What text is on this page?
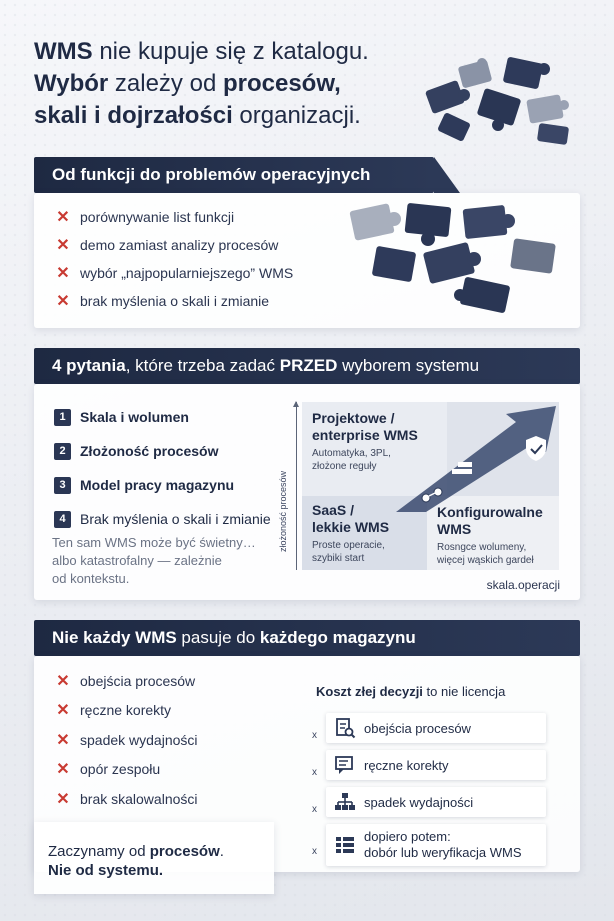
WMS nie kupuje się z katalogu.
Wybór zależy od procesów,
skali i dojrzałości organizacji.
Od funkcji do problemów operacyjnych
✕ porównywanie list funkcji
✕ demo zamiast analizy procesów
✕ wybór „najpopularniejszego” WMS
✕ brak myślenia o skali i zmianie
4 pytania, które trzeba zadać PRZED wyborem systemu
1	Skala i wolumen
2	Złożoność procesów
3	Model pracy magazynu
4	Brak myślenia o skali i zmianie
Ten sam WMS może być świetny…
albo katastrofalny — zależnie
od kontekstu.
złożoność procesów
Projektowe /
enterprise WMS
Automatyka, 3PL,
złożone reguły
SaaS /
lekkie WMS
Proste operacie,
szybiki start
Konfigurowalne
WMS
Rosngce wolumeny,
więcej wąskich gardeł
skala.operacji
Nie każdy WMS pasuje do każdego magazynu
✕ obejścia procesów
✕ ręczne korekty
✕ spadek wydajności
✕ opór zespołu
✕ brak skalowalności
Koszt złej decyzji to nie licencja
x	obejścia procesów
x	ręczne korekty
x	spadek wydajności
x
dopiero potem:
dobór lub weryfikacja WMS
Zaczynamy od procesów.
Nie od systemu.
